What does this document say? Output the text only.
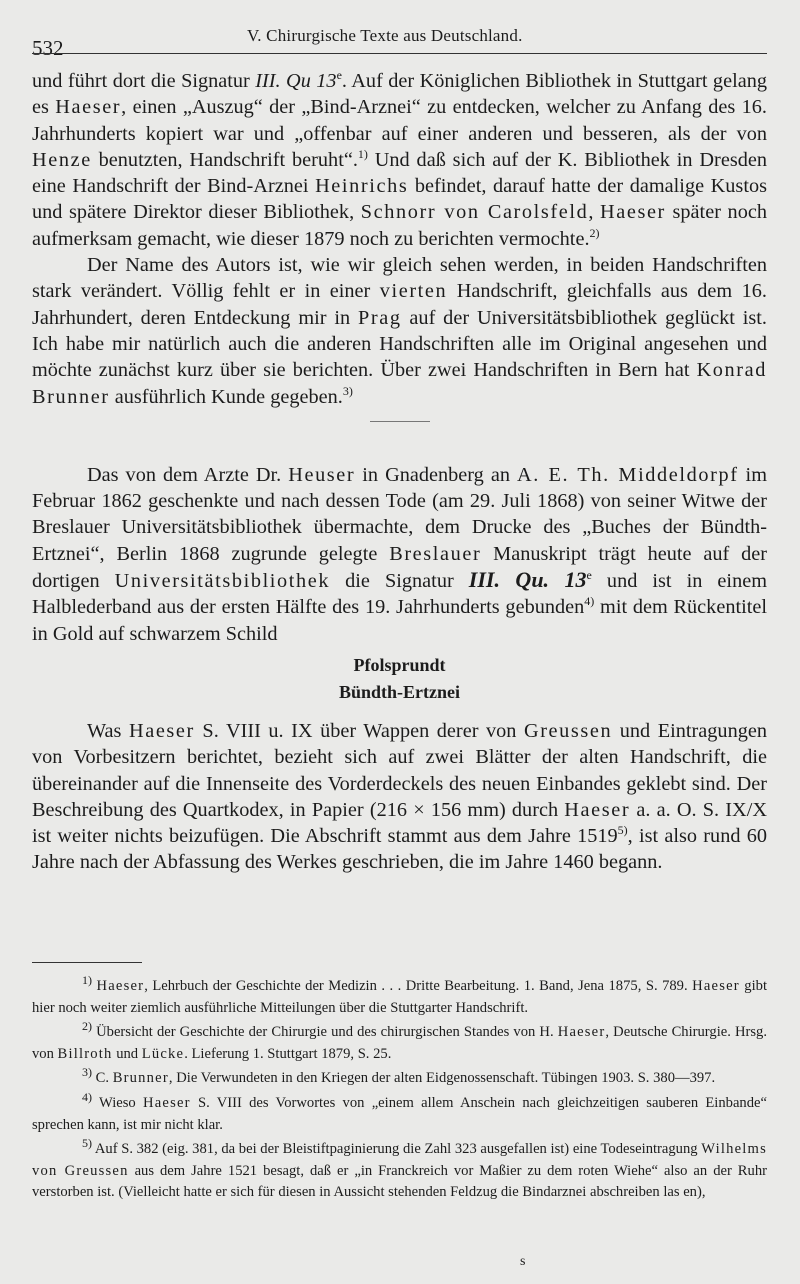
532
V. Chirurgische Texte aus Deutschland.

und führt dort die Signatur III. Qu 13e. Auf der Königlichen Bibliothek in Stuttgart gelang es Haeser, einen „Auszug“ der „Bind-Arznei“ zu entdecken, welcher zu Anfang des 16. Jahrhunderts kopiert war und „offenbar auf einer anderen und besseren, als der von Henze benutzten, Handschrift beruht“.$^{1)}$ Und daß sich auf der K. Bibliothek in Dresden eine Handschrift der Bind-Arznei Heinrichs befindet, darauf hatte der damalige Kustos und spätere Direktor dieser Bibliothek, Schnorr von Carolsfeld, Haeser später noch aufmerksam gemacht, wie dieser 1879 noch zu berichten vermochte.$^{2)}$

Der Name des Autors ist, wie wir gleich sehen werden, in beiden Handschriften stark verändert. Völlig fehlt er in einer vierten Handschrift, gleichfalls aus dem 16. Jahrhundert, deren Entdeckung mir in Prag auf der Universitätsbibliothek geglückt ist. Ich habe mir natürlich auch die anderen Handschriften alle im Original angesehen und möchte zunächst kurz über sie berichten. Über zwei Handschriften in Bern hat Konrad Brunner ausführlich Kunde gegeben.$^{3)}$

Das von dem Arzte Dr. Heuser in Gnadenberg an A. E. Th. Middeldorpf im Februar 1862 geschenkte und nach dessen Tode (am 29. Juli 1868) von seiner Witwe der Breslauer Universitätsbibliothek übermachte, dem Drucke des „Buches der Bündth-Ertznei“, Berlin 1868 zugrunde gelegte Breslauer Manuskript trägt heute auf der dortigen Universitätsbibliothek die Signatur III. Qu. 13e und ist in einem Halblederband aus der ersten Hälfte des 19. Jahrhunderts gebunden$^{4)}$ mit dem Rückentitel in Gold auf schwarzem Schild

Pfolsprundt
Bündth-Ertznei

Was Haeser S. VIII u. IX über Wappen derer von Greussen und Eintragungen von Vorbesitzern berichtet, bezieht sich auf zwei Blätter der alten Handschrift, die übereinander auf die Innenseite des Vorderdeckels des neuen Einbandes geklebt sind. Der Beschreibung des Quartkodex, in Papier (216 × 156 mm) durch Haeser a. a. O. S. IX/X ist weiter nichts beizufügen. Die Abschrift stammt aus dem Jahre 1519$^{5)}$, ist also rund 60 Jahre nach der Abfassung des Werkes geschrieben, die im Jahre 1460 begann.

$^{1)}$ Haeser, Lehrbuch der Geschichte der Medizin . . . Dritte Bearbeitung. 1. Band, Jena 1875, S. 789. Haeser gibt hier noch weiter ziemlich ausführliche Mitteilungen über die Stuttgarter Handschrift.

$^{2)}$ Übersicht der Geschichte der Chirurgie und des chirurgischen Standes von H. Haeser, Deutsche Chirurgie. Hrsg. von Billroth und Lücke. Lieferung 1. Stuttgart 1879, S. 25.

$^{3)}$ C. Brunner, Die Verwundeten in den Kriegen der alten Eidgenossenschaft. Tübingen 1903. S. 380—397.

$^{4)}$ Wieso Haeser S. VIII des Vorwortes von „einem allem Anschein nach gleichzeitigen sauberen Einbande“ sprechen kann, ist mir nicht klar.

$^{5)}$ Auf S. 382 (eig. 381, da bei der Bleistiftpaginierung die Zahl 323 ausgefallen ist) eine Todeseintragung Wilhelms von Greussen aus dem Jahre 1521 besagt, daß er „in Franckreich vor Maßier zu dem roten Wiehe“ also an der Ruhr verstorben ist. (Vielleicht hatte er sich für diesen in Aussicht stehenden Feldzug die Bindarznei abschreiben las en),

s
